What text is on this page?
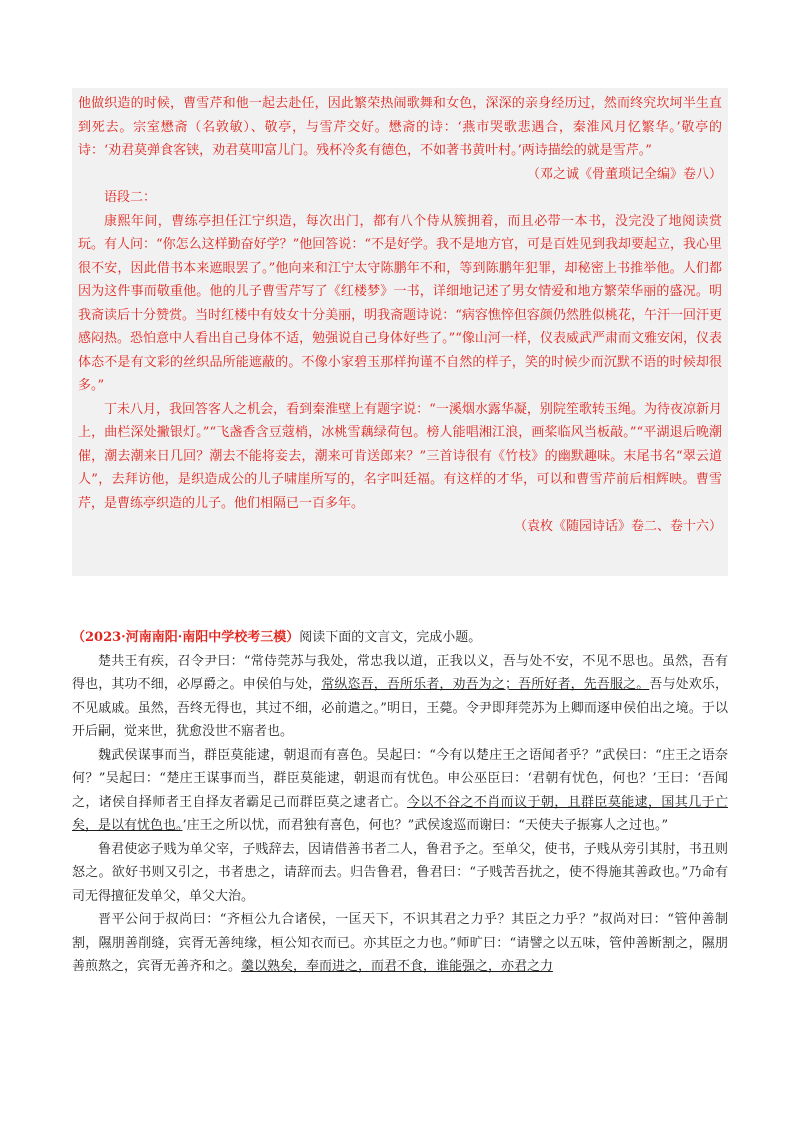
他做织造的时候，曹雪芹和他一起去赴任，因此繁荣热闹歌舞和女色，深深的亲身经历过，然而终究坎坷半生直到死去。宗室懋斋（名敦敏）、敬亭，与雪芹交好。懋斋的诗：‘燕市哭歌悲遇合，秦淮风月忆繁华。’敬亭的诗：‘劝君莫弹食客铗，劝君莫叩富儿门。残杯冷炙有德色，不如著书黄叶村。’两诗描绘的就是雪芹。”

（邓之诚《骨董琐记全编》卷八）

语段二：

康熙年间，曹练亭担任江宁织造，每次出门，都有八个侍从簇拥着，而且必带一本书，没完没了地阅读赏玩。有人问：“你怎么这样勤奋好学？”他回答说：“不是好学。我不是地方官，可是百姓见到我却要起立，我心里很不安，因此借书本来遮眼罢了。”他向来和江宁太守陈鹏年不和，等到陈鹏年犯罪，却秘密上书推举他。人们都因为这件事而敬重他。他的儿子曹雪芹写了《红楼梦》一书，详细地记述了男女情爱和地方繁荣华丽的盛况。明我斋读后十分赞赏。当时红楼中有妓女十分美丽，明我斋题诗说：“病容憔悴但容颜仍然胜似桃花，午汗一回汗更感闷热。恐怕意中人看出自己身体不适，勉强说自己身体好些了。”“像山河一样，仪表威武严肃而文雅安闲，仪表体态不是有文彩的丝织品所能遮蔽的。不像小家碧玉那样拘谨不自然的样子，笑的时候少而沉默不语的时候却很多。”

丁未八月，我回答客人之机会，看到秦淮壁上有题字说：“一溪烟水露华凝，别院笙歌转玉绳。为待夜凉新月上，曲栏深处撇银灯。”“飞盏香含豆蔻梢，冰桃雪藕绿荷包。榜人能唱湘江浪，画桨临风当板敲。”“平湖退后晚潮催，潮去潮来日几回？潮去不能将妾去，潮来可肯送郎来？”三首诗很有《竹枝》的幽默趣味。末尾书名“翠云道人”，去拜访他，是织造成公的儿子啸崖所写的，名字叫廷福。有这样的才华，可以和曹雪芹前后相辉映。曹雪芹，是曹练亭织造的儿子。他们相隔已一百多年。

（袁枚《随园诗话》卷二、卷十六）

（2023·河南南阳·南阳中学校考三模）阅读下面的文言文，完成小题。

楚共王有疾，召令尹曰：“常侍莞苏与我处，常忠我以道，正我以义，吾与处不安，不见不思也。虽然，吾有得也，其功不细，必厚爵之。申侯伯与处，常纵恣吾，吾所乐者，劝吾为之；吾所好者，先吾服之。吾与处欢乐，不见戚戚。虽然，吾终无得也，其过不细，必前遣之。”明日，王薨。令尹即拜莞苏为上卿而逐申侯伯出之境。于以开后嗣，觉来世，犹愈没世不寤者也。

魏武侯谋事而当，群臣莫能逮，朝退而有喜色。吴起曰：“今有以楚庄王之语闻者乎？”武侯曰：“庄王之语奈何？”吴起曰：“楚庄王谋事而当，群臣莫能逮，朝退而有忧色。申公巫臣曰：‘君朝有忧色，何也？’王曰：‘吾闻之，诸侯自择师者王自择友者霸足己而群臣莫之逮者亡。今以不谷之不肖而议于朝，且群臣莫能逮，国其几于亡矣，是以有忧色也。’庄王之所以忧，而君独有喜色，何也？”武侯逡巡而谢曰：“天使夫子振寡人之过也。”

鲁君使宓子贱为单父宰，子贱辞去，因请借善书者二人，鲁君予之。至单父，使书，子贱从旁引其肘，书丑则怒之。欲好书则又引之，书者患之，请辞而去。归告鲁君，鲁君曰：“子贱苦吾扰之，使不得施其善政也。”乃命有司无得擅征发单父，单父大治。

晋平公问于叔尚曰：“齐桓公九合诸侯，一匡天下，不识其君之力乎？其臣之力乎？”叔尚对曰：“管仲善制割，隰朋善削缝，宾胥无善纯缘，桓公知衣而已。亦其臣之力也。”师旷曰：“请譬之以五味，管仲善断割之，隰朋善煎熬之，宾胥无善齐和之。羹以熟矣，奉而进之，而君不食，谁能强之，亦君之力
